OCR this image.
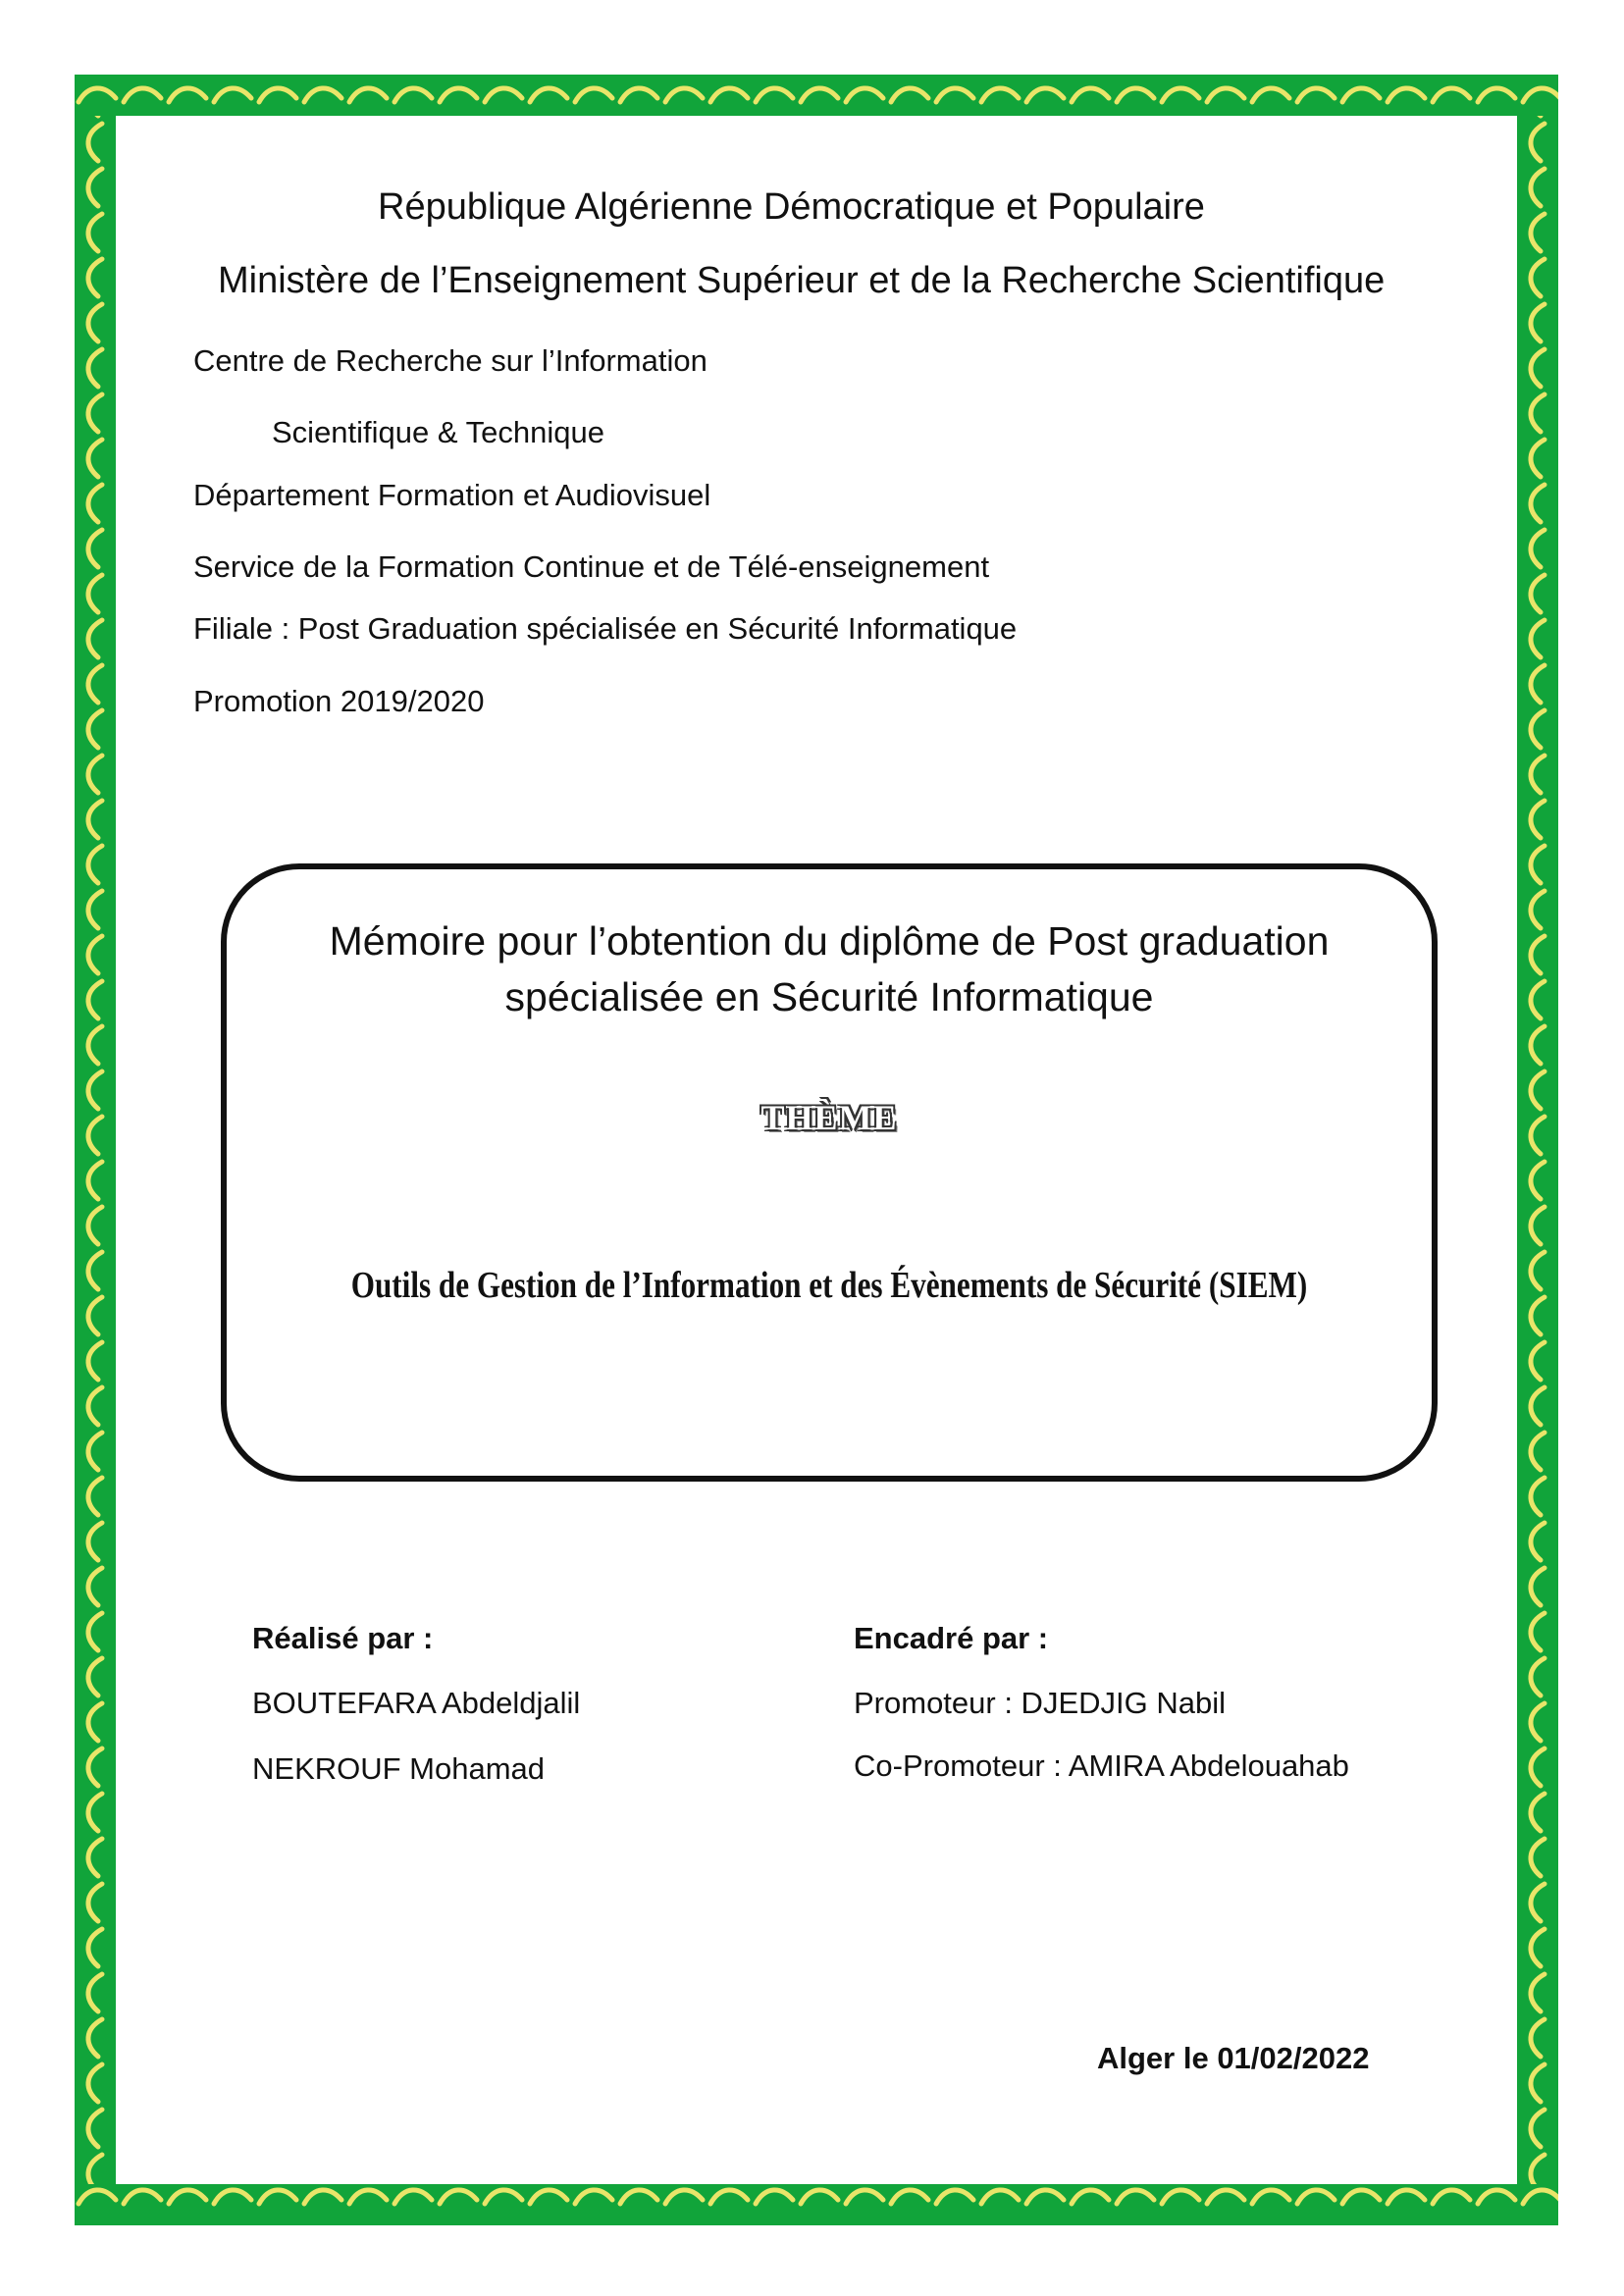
République Algérienne Démocratique et Populaire
Ministère de l’Enseignement Supérieur et de la Recherche Scientifique
Centre de Recherche sur l’Information
Scientifique & Technique
Département Formation et Audiovisuel
Service de la Formation Continue et de Télé-enseignement
Filiale : Post Graduation spécialisée en Sécurité Informatique
Promotion 2019/2020
Mémoire pour l’obtention du diplôme de Post graduation
spécialisée en Sécurité Informatique
THÈME
Outils de Gestion de l’Information et des Évènements de Sécurité (SIEM)
Réalisé par :
BOUTEFARA Abdeldjalil
NEKROUF Mohamad
Encadré par :
Promoteur : DJEDJIG Nabil
Co-Promoteur : AMIRA Abdelouahab
Alger le 01/02/2022
